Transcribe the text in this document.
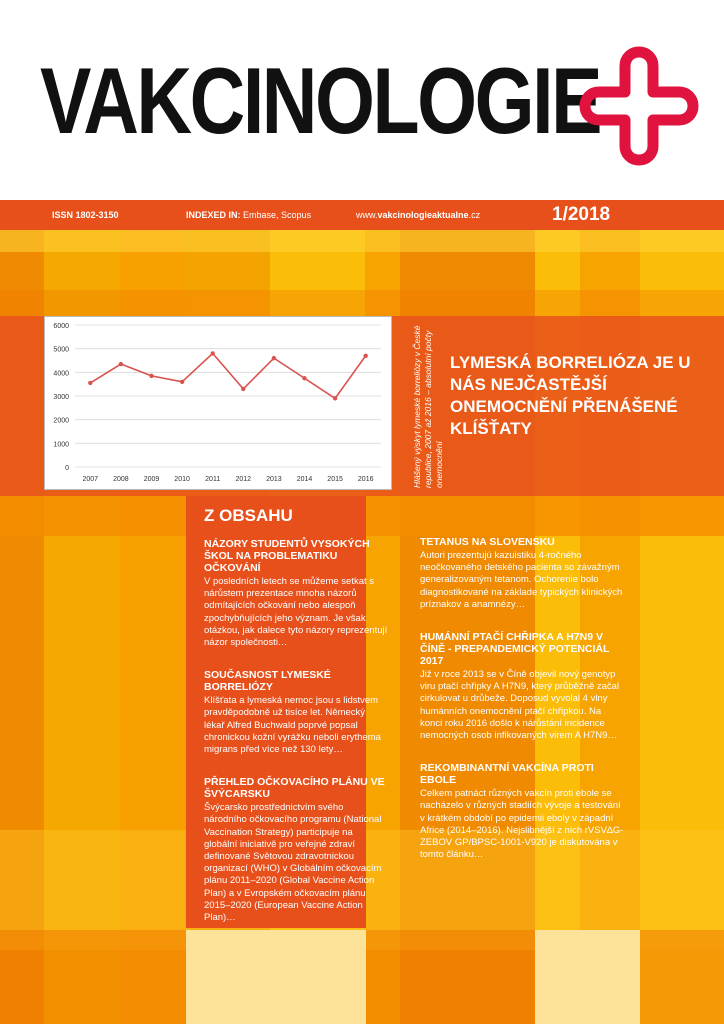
VAKCINOLOGIE
ISSN 1802-3150	INDEXED IN: Embase, Scopus	www.vakcinologieaktualne.cz	1/2018
0
1000
2000
3000
4000
5000
6000
2007 2008 2009 2010 2011 2012 2013 2014 2015 2016	Hlášený výskyt lymeské borreliózy v České republice, 2007 až 2016 – absolutní počty onemocnění
LYMESKÁ BORRELIÓZA JE U NÁS NEJČASTĚJŠÍ ONEMOCNĚNÍ PŘENÁŠENÉ KLÍŠŤATY
Z OBSAHU
NÁZORY STUDENTŮ VYSOKÝCH ŠKOL NA PROBLEMATIKU OČKOVÁNÍ

V posledních letech se můžeme setkat s nárůstem prezentace mnoha názorů odmítajících očkování nebo alespoň zpochybňujících jeho význam. Je však otázkou, jak dalece tyto názory reprezentují názor společnosti…

SOUČASNOST LYMESKÉ BORRELIÓZY

Klíšťata a lymeská nemoc jsou s lidstvem pravděpodobně už tisíce let. Německý lékař Alfred Buchwald poprvé popsal chronickou kožní vyrážku neboli erythema migrans před více než 130 lety…

PŘEHLED OČKOVACÍHO PLÁNU VE ŠVÝCARSKU

Švýcarsko prostřednictvím svého národního očkovacího programu (National Vaccination Strategy) participuje na globální iniciativě pro veřejné zdraví definované Světovou zdravotnickou organizací (WHO) v Globálním očkovacím plánu 2011–2020 (Global Vaccine Action Plan) a v Evropském očkovacím plánu 2015–2020 (European Vaccine Action Plan)…

TETANUS NA SLOVENSKU

Autori prezentujú kazuistiku 4-ročného neočkovaného detského pacienta so závažným generalizovaným tetanom. Ochorenie bolo diagnostikované na základe typických klinických príznakov a anamnézy…

HUMÁNNÍ PTAČÍ CHŘIPKA A H7N9 V ČÍNĚ - PREPANDEMICKÝ POTENCIÁL 2017

Již v roce 2013 se v Číně objevil nový genotyp viru ptačí chřipky A H7N9, který průběžně začal cirkulovat u drůbeže. Doposud vyvolal 4 vlny humánních onemocnění ptačí chřipkou. Na konci roku 2016 došlo k nárůstání incidence nemocných osob infikovaných virem A H7N9…

REKOMBINANTNÍ VAKCÍNA PROTI EBOLE

Celkem patnáct různých vakcín proti ebole se nacházelo v různých stadiích vývoje a testování v krátkém období po epidemii eboly v západní Africe (2014–2016). Nejslibnější z nich rVSV∆G-ZEBOV GP/BPSC-1001-V920 je diskutována v tomto článku…
